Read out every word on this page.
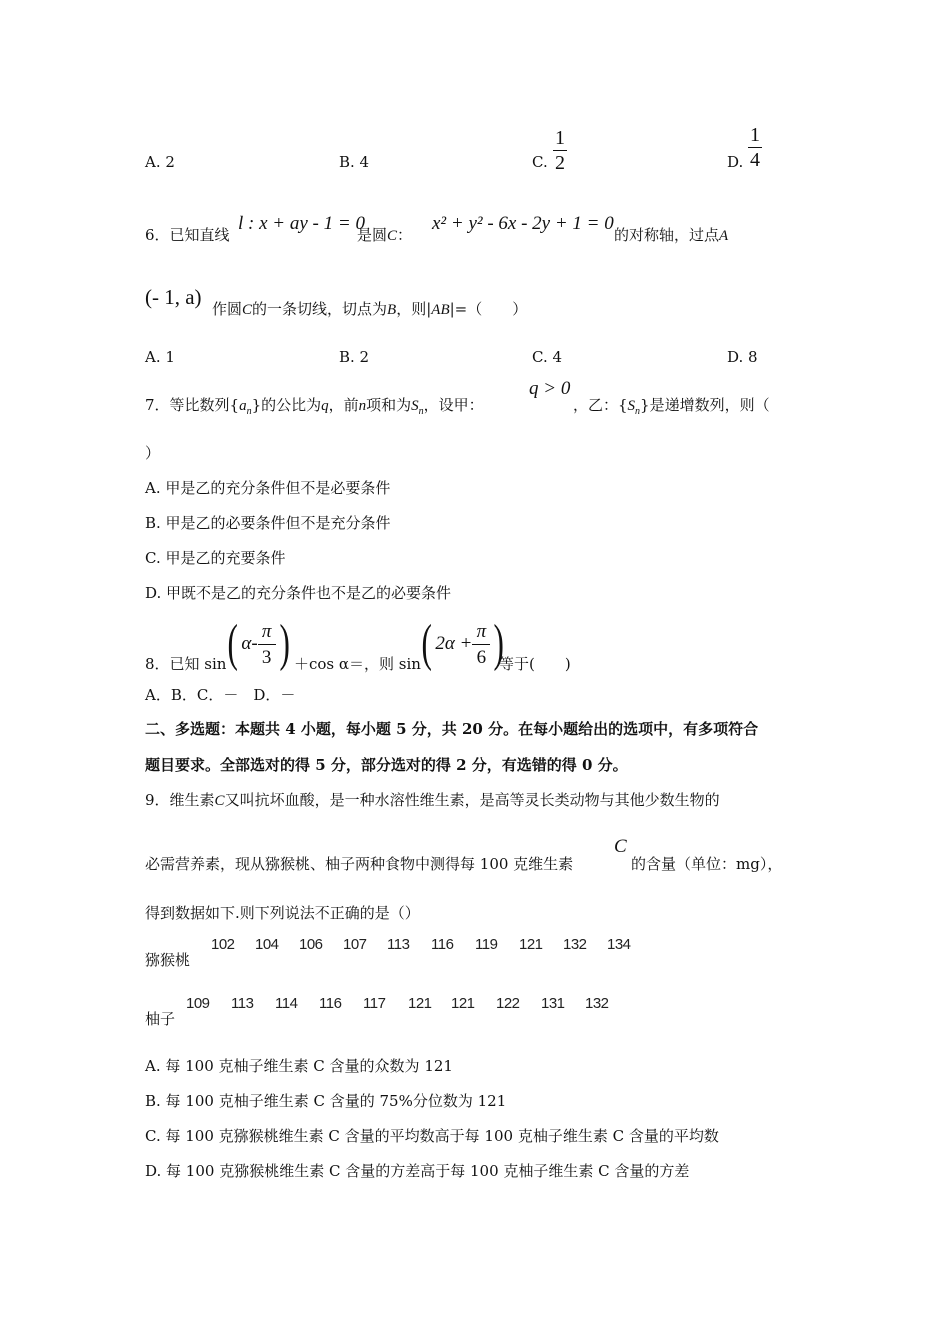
A. 2	B. 4	C. $\frac{1}{2}$	D. $\frac{1}{4}$
6．已知直线
l : x + ay - 1 = 0
是圆C：
x² + y² - 6x - 2y + 1 = 0
的对称轴，过点A
(- 1, a) 作圆C的一条切线，切点为B，则|AB|=（　　）
A. 1	B. 2	C. 4	D. 8
7．等比数列$\{a_n\}$的公比为q，前n项和为$S_n$，设甲：
q > 0
，乙：$\{S_n\}$是递增数列，则（
）
A. 甲是乙的充分条件但不是必要条件
B. 甲是乙的必要条件但不是充分条件
C. 甲是乙的充要条件
D. 甲既不是乙的充分条件也不是乙的必要条件
8．已知 sin ( α -
π
3 ) ＋cos α＝，则 sin ( 2α +
π
6 )
等于(　　)
A．B．C．－　D．－
二、多选题：本题共 4 小题，每小题 5 分，共 20 分。在每小题给出的选项中，有多项符合
题目要求。全部选对的得 5 分，部分选对的得 2 分，有选错的得 0 分。
9．维生素C又叫抗坏血酸，是一种水溶性维生素，是高等灵长类动物与其他少数生物的
必需营养素，现从猕猴桃、柚子两种食物中测得每 100 克维生素
C
的含量（单位：mg），
得到数据如下.则下列说法不正确的是（）
猕猴桃
102	104	106	107	113	116	119	121	132	134
柚子
109	113	114	116	117	121	121	122	131	132
A. 每 100 克柚子维生素 C 含量的众数为 121
B. 每 100 克柚子维生素 C 含量的 75%分位数为 121
C. 每 100 克猕猴桃维生素 C 含量的平均数高于每 100 克柚子维生素 C 含量的平均数
D. 每 100 克猕猴桃维生素 C 含量的方差高于每 100 克柚子维生素 C 含量的方差
